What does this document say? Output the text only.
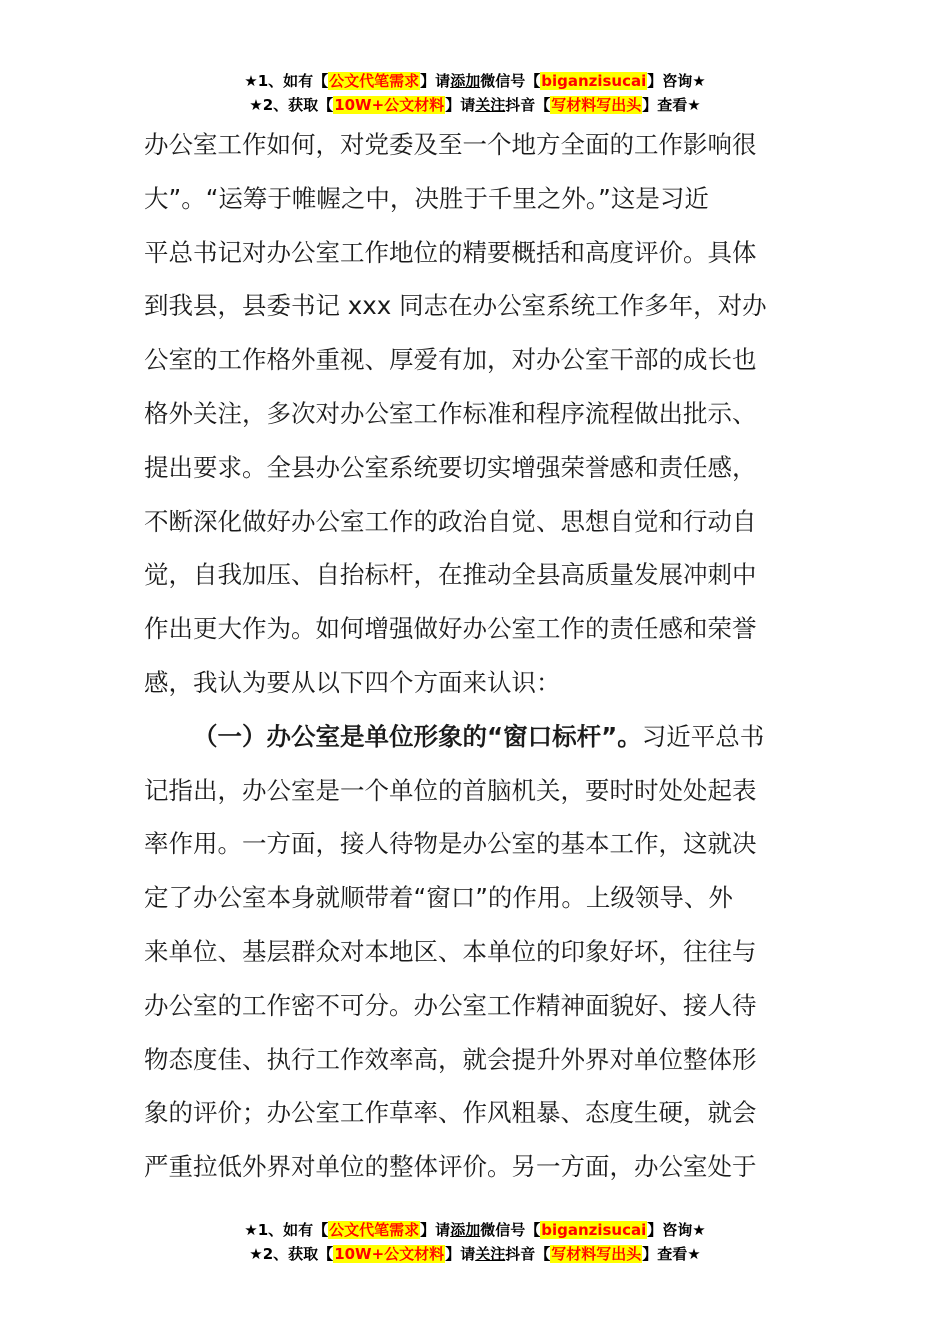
★1、如有【公文代笔需求】请添加微信号【biganzisucai】咨询★
★2、获取【10W+公文材料】请关注抖音【写材料写出头】查看★
办公室工作如何，对党委及至一个地方全面的工作影响很
大”。“运筹于帷幄之中，决胜于千里之外。”这是习近
平总书记对办公室工作地位的精要概括和高度评价。具体
到我县，县委书记 xxx 同志在办公室系统工作多年，对办
公室的工作格外重视、厚爱有加，对办公室干部的成长也
格外关注，多次对办公室工作标准和程序流程做出批示、
提出要求。全县办公室系统要切实增强荣誉感和责任感，
不断深化做好办公室工作的政治自觉、思想自觉和行动自
觉，自我加压、自抬标杆，在推动全县高质量发展冲刺中
作出更大作为。如何增强做好办公室工作的责任感和荣誉
感，我认为要从以下四个方面来认识：
（一）办公室是单位形象的“窗口标杆”。习近平总书
记指出，办公室是一个单位的首脑机关，要时时处处起表
率作用。一方面，接人待物是办公室的基本工作，这就决
定了办公室本身就顺带着“窗口”的作用。上级领导、外
来单位、基层群众对本地区、本单位的印象好坏，往往与
办公室的工作密不可分。办公室工作精神面貌好、接人待
物态度佳、执行工作效率高，就会提升外界对单位整体形
象的评价；办公室工作草率、作风粗暴、态度生硬，就会
严重拉低外界对单位的整体评价。另一方面，办公室处于
★1、如有【公文代笔需求】请添加微信号【biganzisucai】咨询★
★2、获取【10W+公文材料】请关注抖音【写材料写出头】查看★
